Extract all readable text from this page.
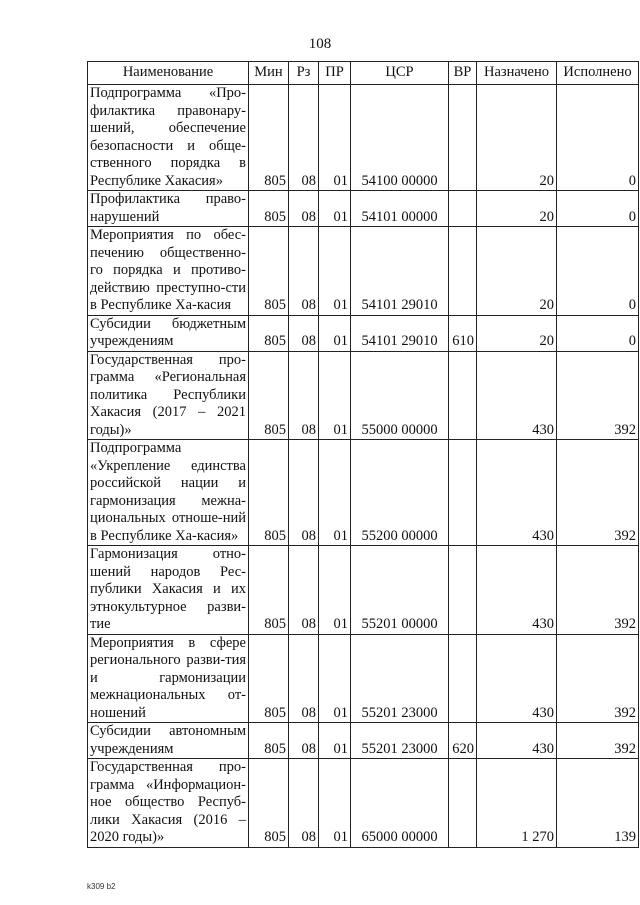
108
Наименование	Мин	Рз	ПР	ЦСР	ВР	Назначено	Исполнено
Подпрограмма «Про-филактика правонару-шений, обеспечение безопасности и обще-ственного порядка в Республике Хакасия»	805	08	01	54100 00000		20	0
Профилактика право-нарушений	805	08	01	54101 00000		20	0
Мероприятия по обес-печению общественно-го порядка и противо-действию преступно-сти в Республике Ха-касия	805	08	01	54101 29010		20	0
Субсидии бюджетным учреждениям	805	08	01	54101 29010	610	20	0
Государственная про-грамма «Региональная политика Республики Хакасия (2017 – 2021 годы)»	805	08	01	55000 00000		430	392
Подпрограмма «Укрепление единства российской нации и гармонизация межна-циональных отноше-ний в Республике Ха-касия»	805	08	01	55200 00000		430	392
Гармонизация отно-шений народов Рес-публики Хакасия и их этнокультурное разви-тие	805	08	01	55201 00000		430	392
Мероприятия в сфере регионального разви-тия и гармонизации межнациональных от-ношений	805	08	01	55201 23000		430	392
Субсидии автономным учреждениям	805	08	01	55201 23000	620	430	392
Государственная про-грамма «Информацион-ное общество Респуб-лики Хакасия (2016 – 2020 годы)»	805	08	01	65000 00000		1 270	139
k309 b2
